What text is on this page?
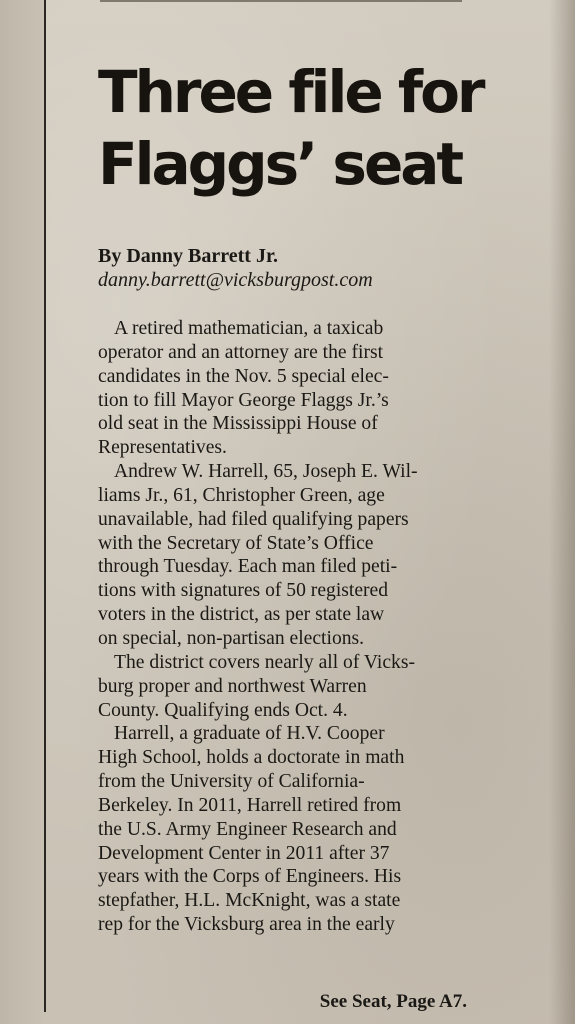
Three file for
Flaggs’ seat

By Danny Barrett Jr.

danny.barrett@vicksburgpost.com

A retired mathematician, a taxicab
operator and an attorney are the first
candidates in the Nov. 5 special elec-
tion to fill Mayor George Flaggs Jr.’s
old seat in the Mississippi House of
Representatives.
Andrew W. Harrell, 65, Joseph E. Wil-
liams Jr., 61, Christopher Green, age
unavailable, had filed qualifying papers
with the Secretary of State’s Office
through Tuesday. Each man filed peti-
tions with signatures of 50 registered
voters in the district, as per state law
on special, non-partisan elections.
The district covers nearly all of Vicks-
burg proper and northwest Warren
County. Qualifying ends Oct. 4.
Harrell, a graduate of H.V. Cooper
High School, holds a doctorate in math
from the University of California-
Berkeley. In 2011, Harrell retired from
the U.S. Army Engineer Research and
Development Center in 2011 after 37
years with the Corps of Engineers. His
stepfather, H.L. McKnight, was a state
rep for the Vicksburg area in the early
See Seat, Page A7.
